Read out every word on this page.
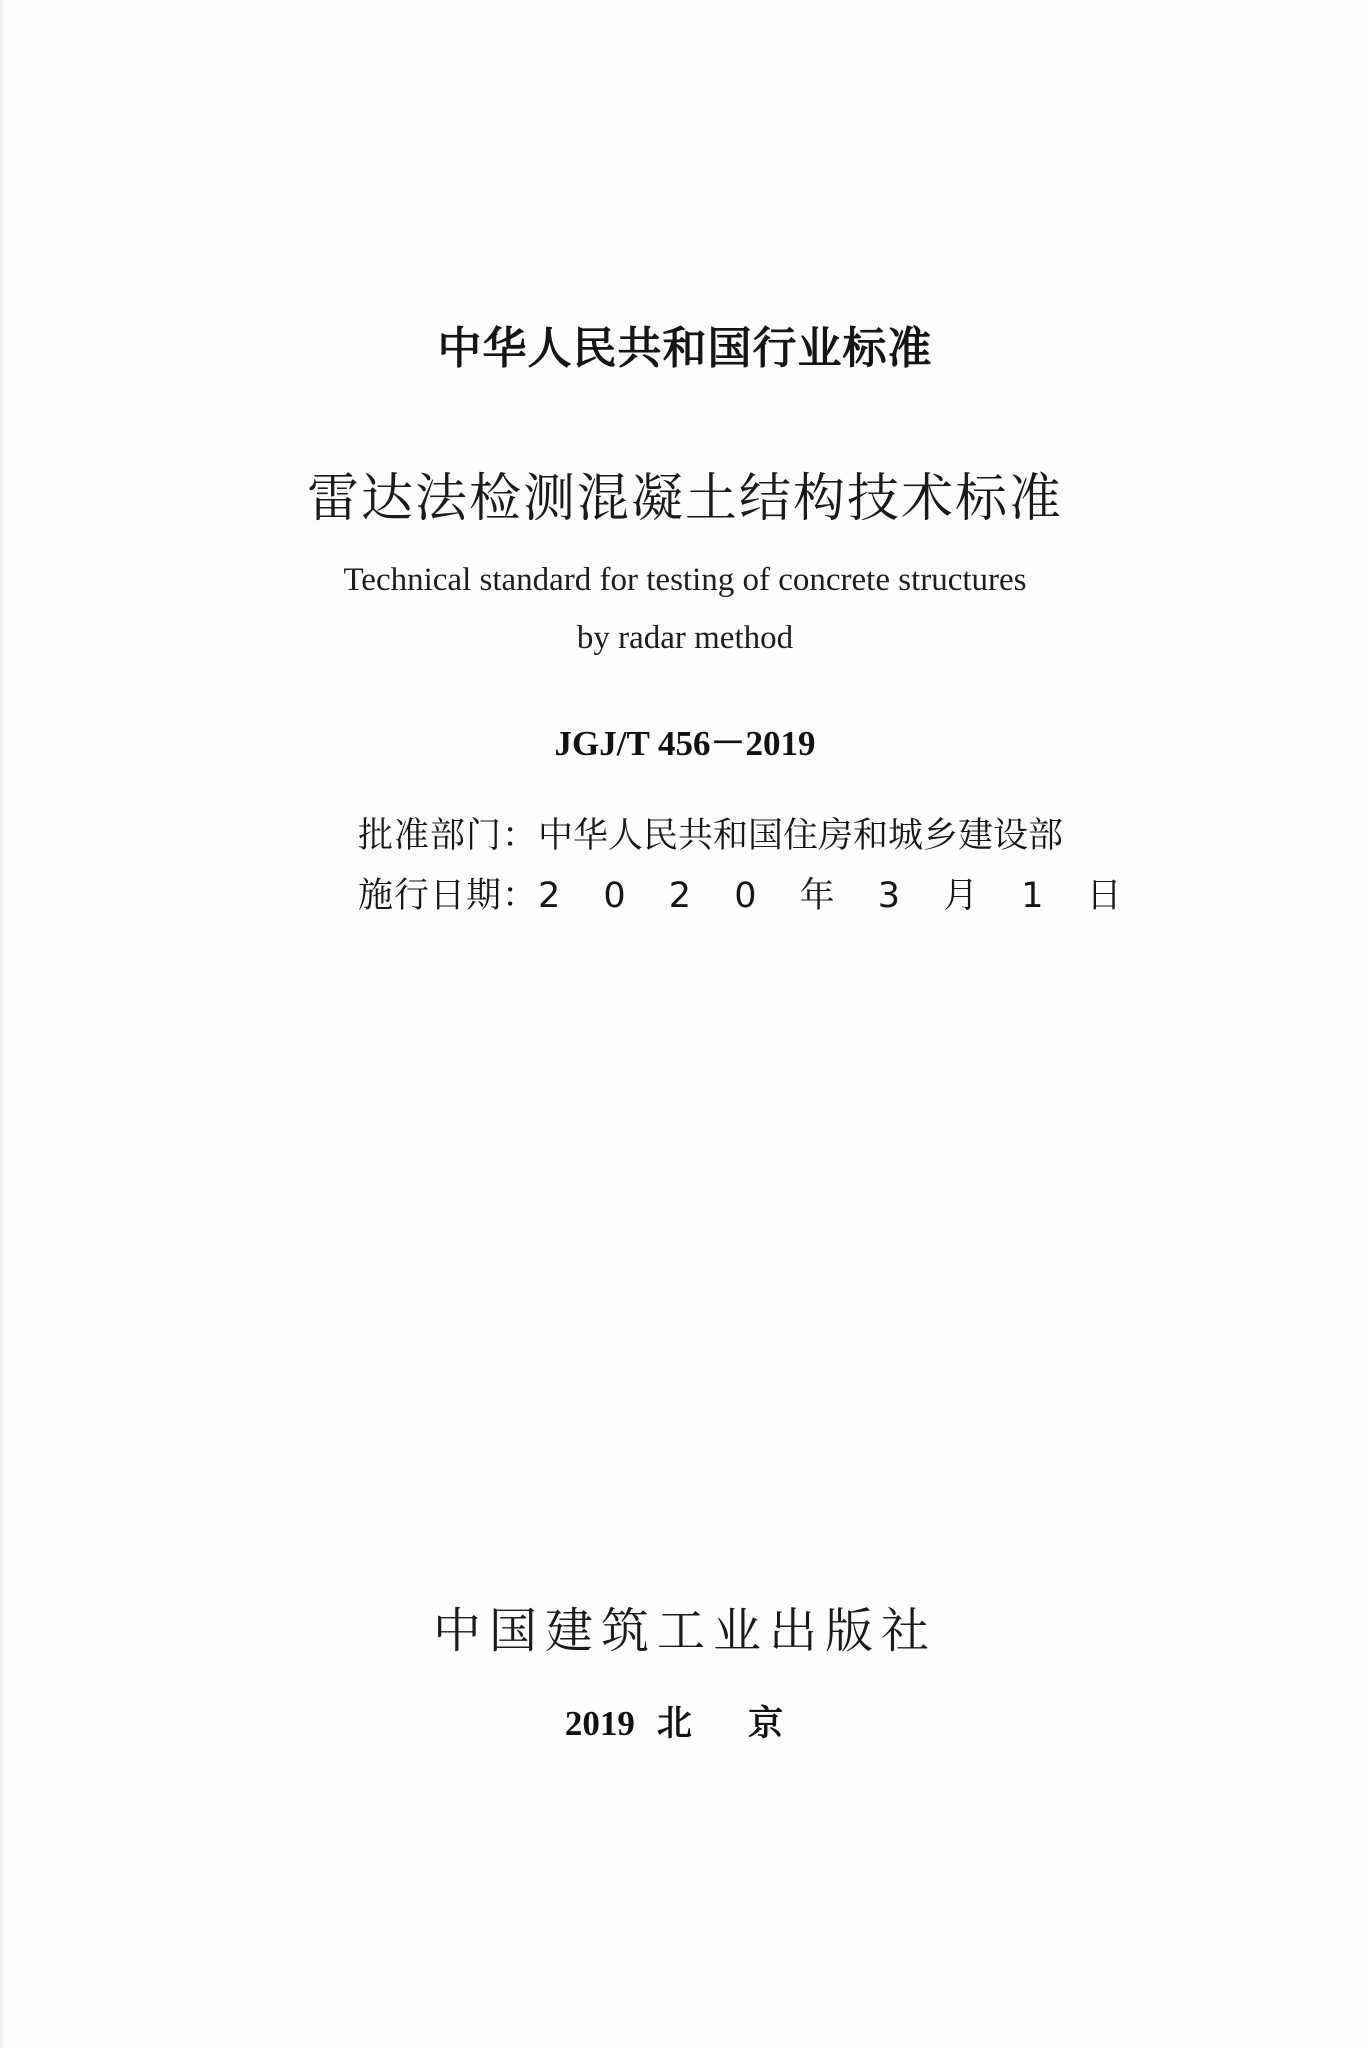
中华人民共和国行业标准
雷达法检测混凝土结构技术标准
Technical standard for testing of concrete structures
by radar method
JGJ/T 456－2019
批准部门：中华人民共和国住房和城乡建设部
施行日期：2 0 2 0 年 3 月 1 日
中国建筑工业出版社
2019 北 京
